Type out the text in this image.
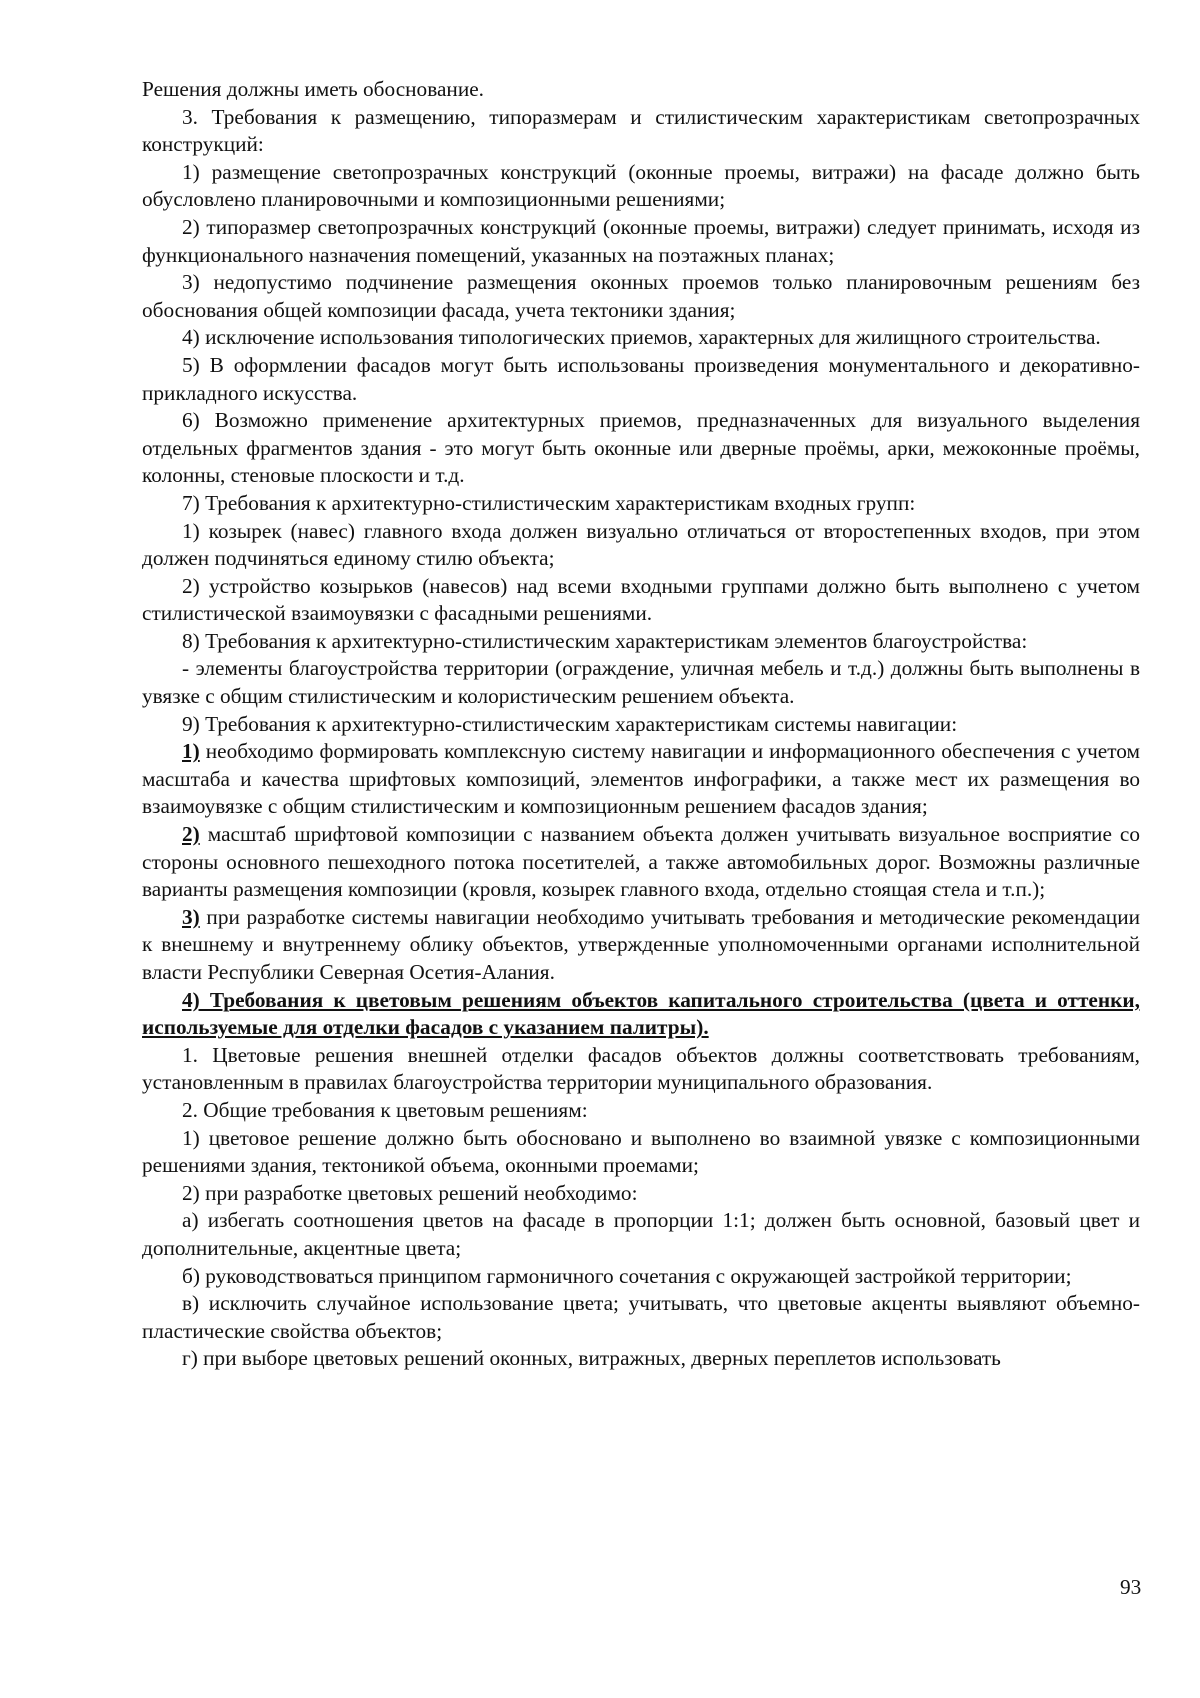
Решения должны иметь обоснование.

3. Требования к размещению, типоразмерам и стилистическим характеристикам светопрозрачных конструкций:

1) размещение светопрозрачных конструкций (оконные проемы, витражи) на фасаде должно быть обусловлено планировочными и композиционными решениями;

2) типоразмер светопрозрачных конструкций (оконные проемы, витражи) следует принимать, исходя из функционального назначения помещений, указанных на поэтажных планах;

3) недопустимо подчинение размещения оконных проемов только планировочным решениям без обоснования общей композиции фасада, учета тектоники здания;

4) исключение использования типологических приемов, характерных для жилищного строительства.

5) В оформлении фасадов могут быть использованы произведения монументального и декоративно-прикладного искусства.

6) Возможно применение архитектурных приемов, предназначенных для визуального выделения отдельных фрагментов здания - это могут быть оконные или дверные проёмы, арки, межоконные проёмы, колонны, стеновые плоскости и т.д.

7) Требования к архитектурно-стилистическим характеристикам входных групп:

1) козырек (навес) главного входа должен визуально отличаться от второстепенных входов, при этом должен подчиняться единому стилю объекта;

2) устройство козырьков (навесов) над всеми входными группами должно быть выполнено с учетом стилистической взаимоувязки с фасадными решениями.

8) Требования к архитектурно-стилистическим характеристикам элементов благоустройства:

- элементы благоустройства территории (ограждение, уличная мебель и т.д.) должны быть выполнены в увязке с общим стилистическим и колористическим решением объекта.

9) Требования к архитектурно-стилистическим характеристикам системы навигации:

1) необходимо формировать комплексную систему навигации и информационного обеспечения с учетом масштаба и качества шрифтовых композиций, элементов инфографики, а также мест их размещения во взаимоувязке с общим стилистическим и композиционным решением фасадов здания;

2) масштаб шрифтовой композиции с названием объекта должен учитывать визуальное восприятие со стороны основного пешеходного потока посетителей, а также автомобильных дорог. Возможны различные варианты размещения композиции (кровля, козырек главного входа, отдельно стоящая стела и т.п.);

3) при разработке системы навигации необходимо учитывать требования и методические рекомендации к внешнему и внутреннему облику объектов, утвержденные уполномоченными органами исполнительной власти Республики Северная Осетия-Алания.

4) Требования к цветовым решениям объектов капитального строительства (цвета и оттенки, используемые для отделки фасадов с указанием палитры).

1. Цветовые решения внешней отделки фасадов объектов должны соответствовать требованиям, установленным в правилах благоустройства территории муниципального образования.

2. Общие требования к цветовым решениям:

1) цветовое решение должно быть обосновано и выполнено во взаимной увязке с композиционными решениями здания, тектоникой объема, оконными проемами;

2) при разработке цветовых решений необходимо:

а) избегать соотношения цветов на фасаде в пропорции 1:1; должен быть основной, базовый цвет и дополнительные, акцентные цвета;

б) руководствоваться принципом гармоничного сочетания с окружающей застройкой территории;

в) исключить случайное использование цвета; учитывать, что цветовые акценты выявляют объемно-пластические свойства объектов;

г) при выборе цветовых решений оконных, витражных, дверных переплетов использовать

93
